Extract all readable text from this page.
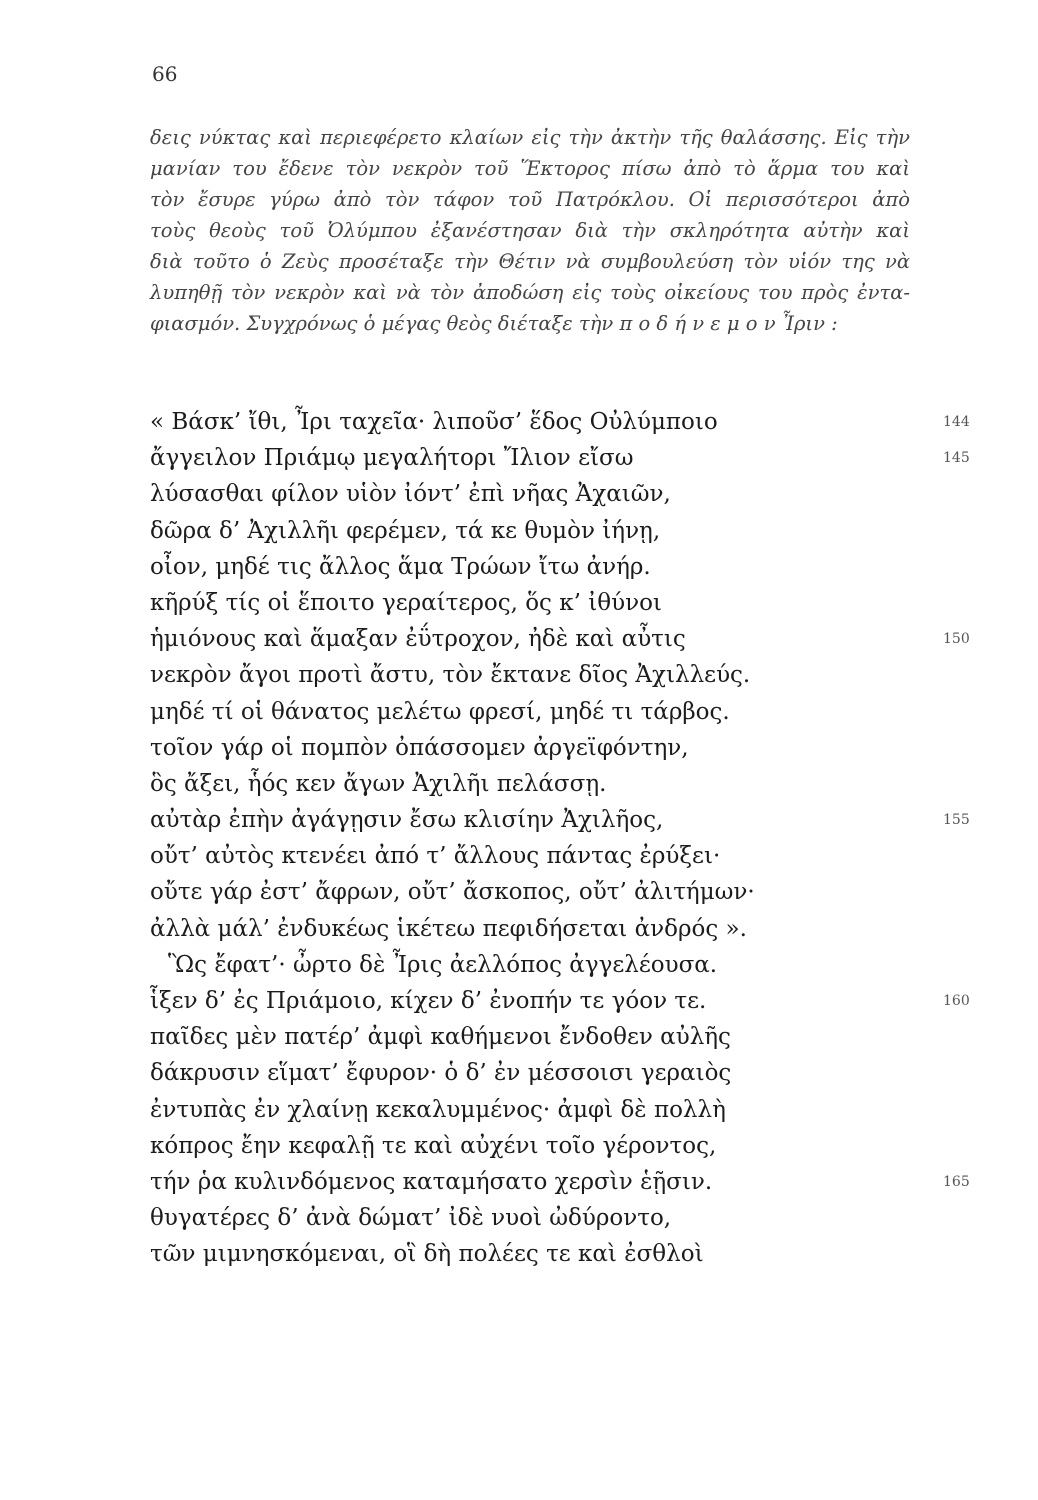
66
δεις νύκτας καὶ περιεφέρετο κλαίων εἰς τὴν ἀκτὴν τῆς θαλάσσης. Εἰς τὴν
μανίαν του ἔδενε τὸν νεκρὸν τοῦ Ἕκτορος πίσω ἀπὸ τὸ ἅρμα του καὶ
τὸν ἔσυρε γύρω ἀπὸ τὸν τάφον τοῦ Πατρόκλου. Οἱ περισσότεροι ἀπὸ
τοὺς θεοὺς τοῦ Ὀλύμπου ἐξανέστησαν διὰ τὴν σκληρότητα αὐτὴν καὶ
διὰ τοῦτο ὁ Ζεὺς προσέταξε τὴν Θέτιν νὰ συμβουλεύση τὸν υἱόν της νὰ
λυπηθῇ τὸν νεκρὸν καὶ νὰ τὸν ἀποδώση εἰς τοὺς οἰκείους του πρὸς ἐντα-
φιασμόν. Συγχρόνως ὁ μέγας θεὸς διέταξε τὴν π ο δ ή ν ε μ ο ν Ἶριν :
« Βάσκ’ ἴθι, Ἶρι ταχεῖα· λιποῦσ’ ἕδος Οὐλύμποιο	144
ἄγγειλον Πριάμῳ μεγαλήτορι Ἴλιον εἴσω	145
λύσασθαι φίλον υἱὸν ἰόντ’ ἐπὶ νῆας Ἀχαιῶν,
δῶρα δ’ Ἀχιλλῆι φερέμεν, τά κε θυμὸν ἰήνῃ,
οἶον, μηδέ τις ἄλλος ἅμα Τρώων ἴτω ἀνήρ.
κῆρύξ τίς οἱ ἕποιτο γεραίτερος, ὅς κ’ ἰθύνοι
ἡμιόνους καὶ ἅμαξαν ἐΰτροχον, ἠδὲ καὶ αὖτις	150
νεκρὸν ἄγοι προτὶ ἄστυ, τὸν ἔκτανε δῖος Ἀχιλλεύς.
μηδέ τί οἱ θάνατος μελέτω φρεσί, μηδέ τι τάρβος.
τοῖον γάρ οἱ πομπὸν ὀπάσσομεν ἀργεϊφόντην,
ὃς ἄξει, ἧός κεν ἄγων Ἀχιλῆι πελάσσῃ.
αὐτὰρ ἐπὴν ἀγάγῃσιν ἔσω κλισίην Ἀχιλῆος,	155
οὔτ’ αὐτὸς κτενέει ἀπό τ’ ἄλλους πάντας ἐρύξει·
οὔτε γάρ ἐστ’ ἄφρων, οὔτ’ ἄσκοπος, οὔτ’ ἀλιτήμων·
ἀλλὰ μάλ’ ἐνδυκέως ἱκέτεω πεφιδήσεται ἀνδρός ».
Ὣς ἔφατ’· ὦρτο δὲ Ἶρις ἀελλόπος ἀγγελέουσα.
ἷξεν δ’ ἐς Πριάμοιο, κίχεν δ’ ἐνοπήν τε γόον τε.	160
παῖδες μὲν πατέρ’ ἀμφὶ καθήμενοι ἔνδοθεν αὐλῆς
δάκρυσιν εἵματ’ ἔφυρον· ὁ δ’ ἐν μέσσοισι γεραιὸς
ἐντυπὰς ἐν χλαίνῃ κεκαλυμμένος· ἀμφὶ δὲ πολλὴ
κόπρος ἔην κεφαλῇ τε καὶ αὐχένι τοῖο γέροντος,
τήν ῥα κυλινδόμενος καταμήσατο χερσὶν ἑῇσιν.	165
θυγατέρες δ’ ἀνὰ δώματ’ ἰδὲ νυοὶ ὠδύροντο,
τῶν μιμνησκόμεναι, οἳ δὴ πολέες τε καὶ ἐσθλοὶ
